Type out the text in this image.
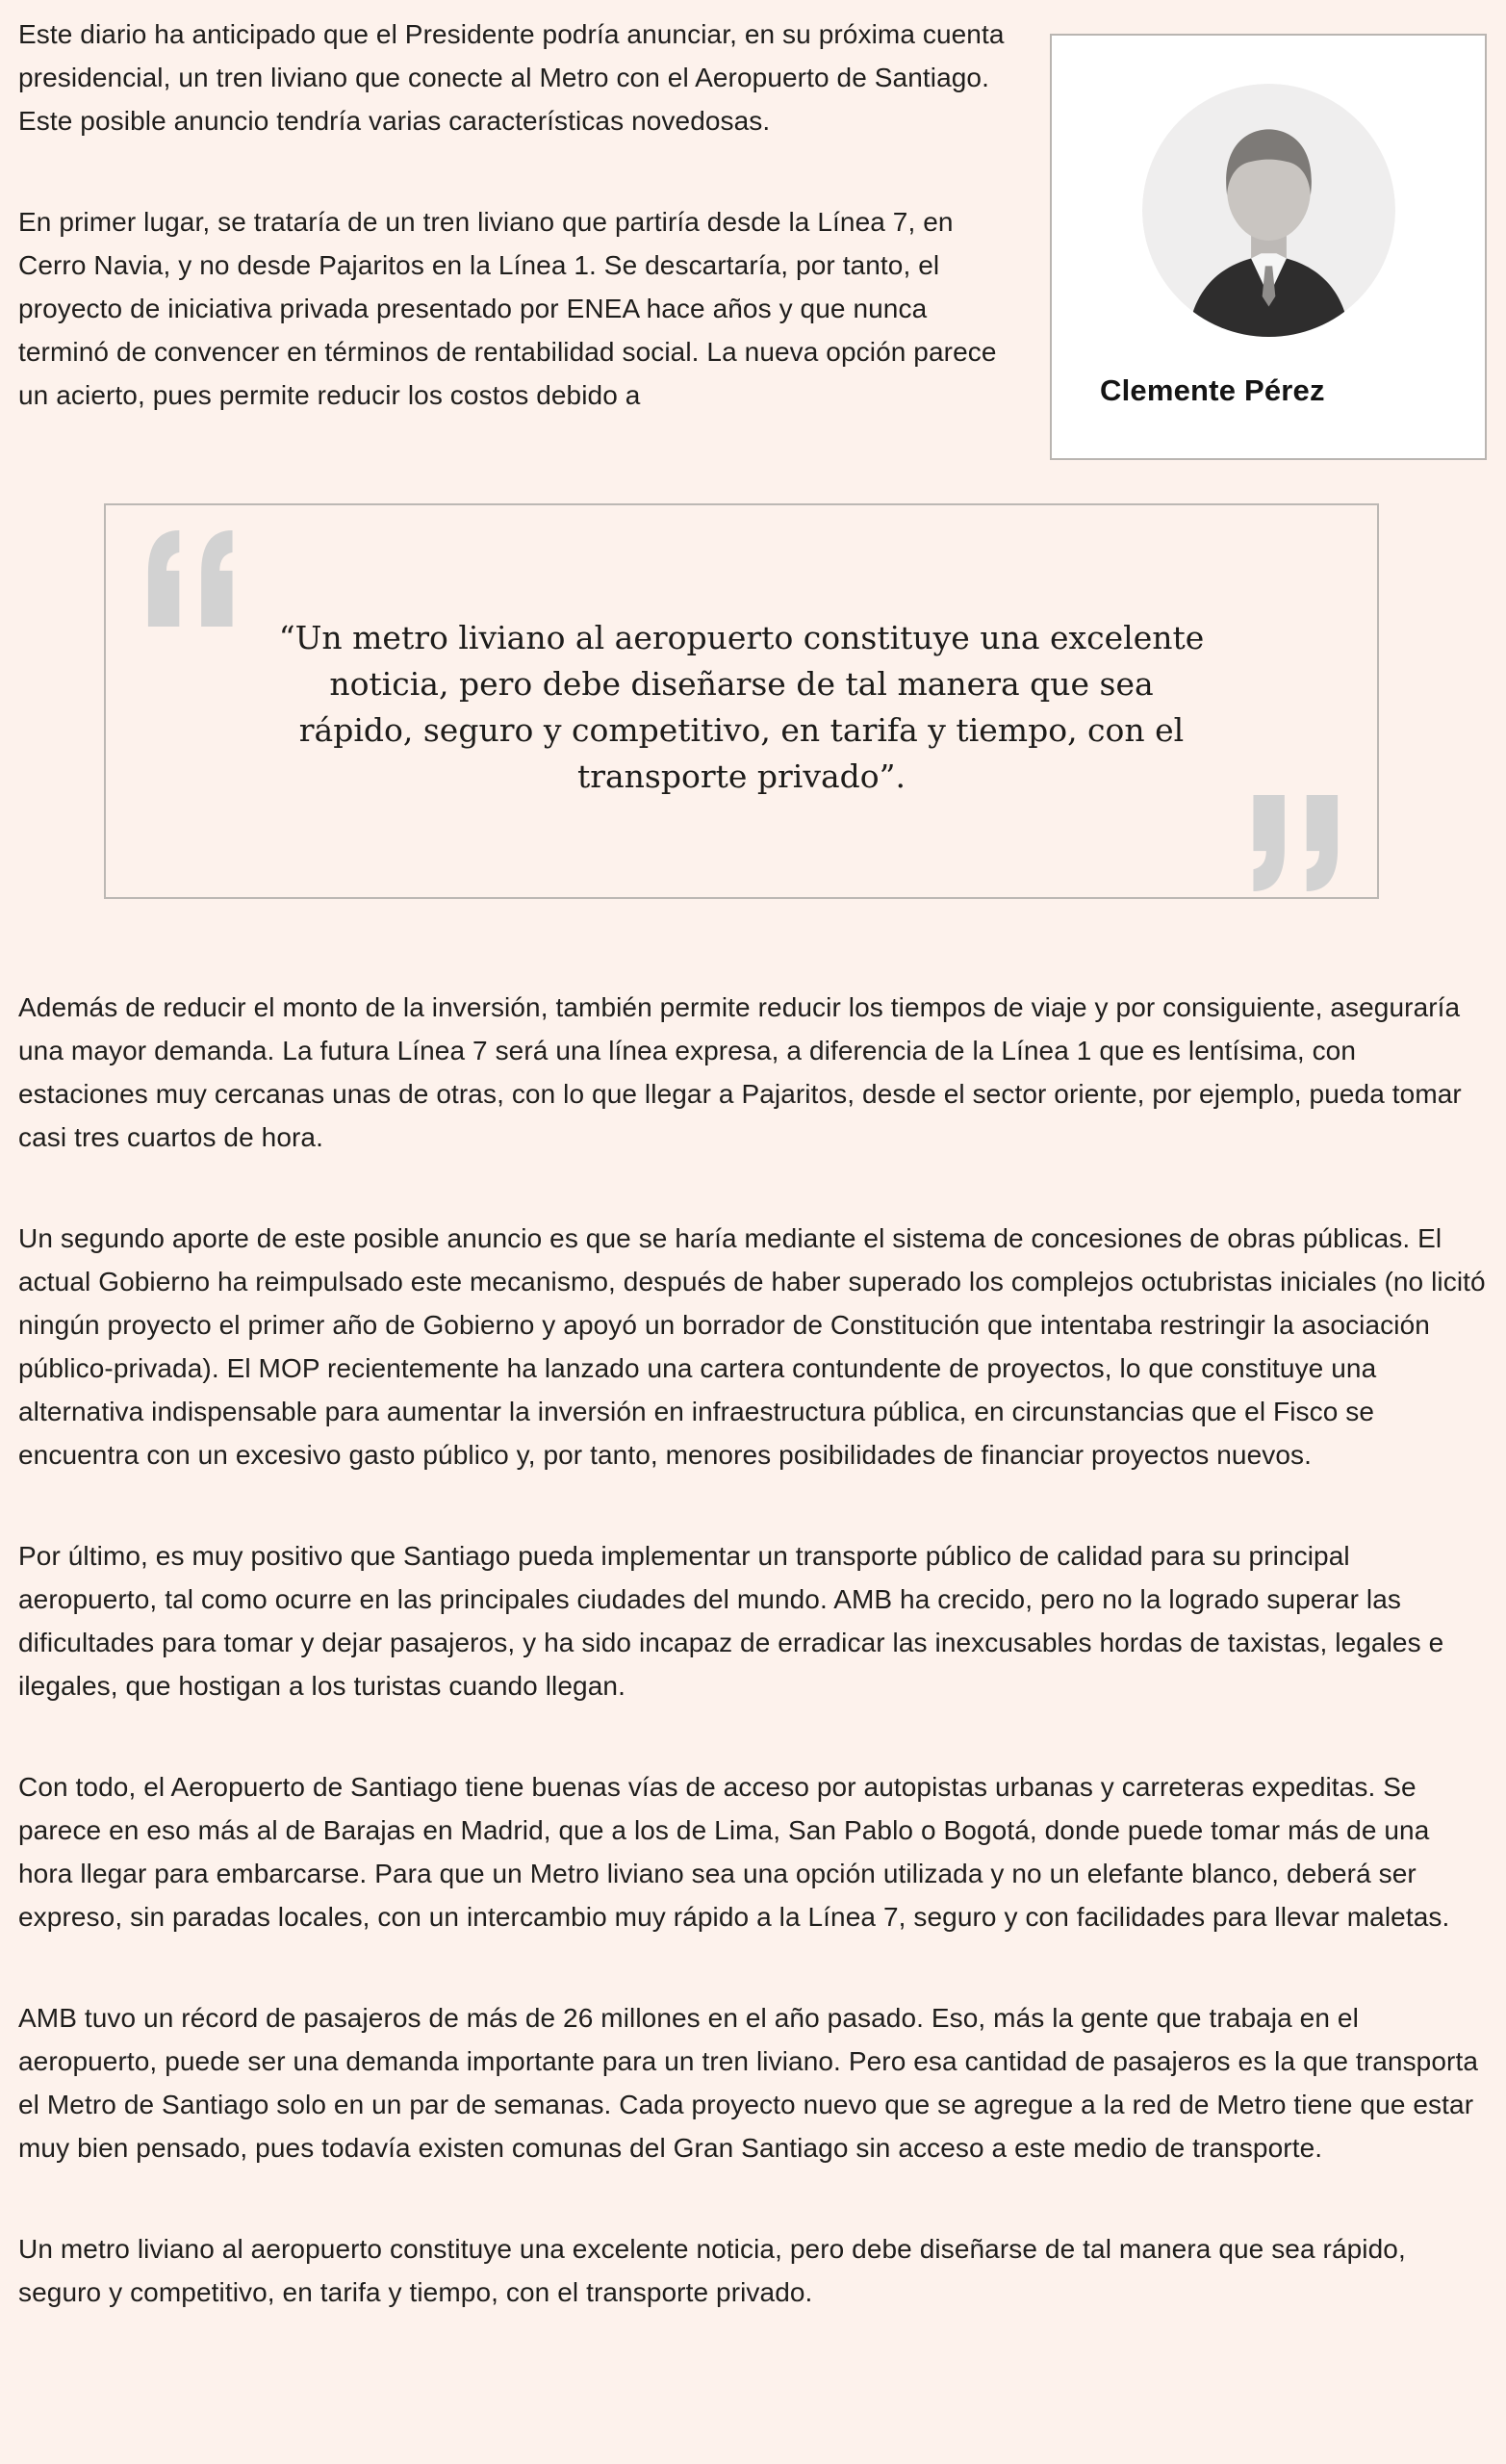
Este diario ha anticipado que el Presidente podría anunciar, en su próxima cuenta presidencial, un tren liviano que conecte al Metro con el Aeropuerto de Santiago. Este posible anuncio tendría varias características novedosas.

En primer lugar, se trataría de un tren liviano que partiría desde la Línea 7, en Cerro Navia, y no desde Pajaritos en la Línea 1. Se descartaría, por tanto, el proyecto de iniciativa privada presentado por ENEA hace años y que nunca terminó de convencer en términos de rentabilidad social. La nueva opción parece un acierto, pues permite reducir los costos debido a	Clemente Pérez

“Un metro liviano al aeropuerto constituye una excelente noticia, pero debe diseñarse de tal manera que sea rápido, seguro y competitivo, en tarifa y tiempo, con el transporte privado”.

Además de reducir el monto de la inversión, también permite reducir los tiempos de viaje y por consiguiente, aseguraría una mayor demanda. La futura Línea 7 será una línea expresa, a diferencia de la Línea 1 que es lentísima, con estaciones muy cercanas unas de otras, con lo que llegar a Pajaritos, desde el sector oriente, por ejemplo, pueda tomar casi tres cuartos de hora.

Un segundo aporte de este posible anuncio es que se haría mediante el sistema de concesiones de obras públicas. El actual Gobierno ha reimpulsado este mecanismo, después de haber superado los complejos octubristas iniciales (no licitó ningún proyecto el primer año de Gobierno y apoyó un borrador de Constitución que intentaba restringir la asociación público-privada). El MOP recientemente ha lanzado una cartera contundente de proyectos, lo que constituye una alternativa indispensable para aumentar la inversión en infraestructura pública, en circunstancias que el Fisco se encuentra con un excesivo gasto público y, por tanto, menores posibilidades de financiar proyectos nuevos.

Por último, es muy positivo que Santiago pueda implementar un transporte público de calidad para su principal aeropuerto, tal como ocurre en las principales ciudades del mundo. AMB ha crecido, pero no la logrado superar las dificultades para tomar y dejar pasajeros, y ha sido incapaz de erradicar las inexcusables hordas de taxistas, legales e ilegales, que hostigan a los turistas cuando llegan.

Con todo, el Aeropuerto de Santiago tiene buenas vías de acceso por autopistas urbanas y carreteras expeditas. Se parece en eso más al de Barajas en Madrid, que a los de Lima, San Pablo o Bogotá, donde puede tomar más de una hora llegar para embarcarse. Para que un Metro liviano sea una opción utilizada y no un elefante blanco, deberá ser expreso, sin paradas locales, con un intercambio muy rápido a la Línea 7, seguro y con facilidades para llevar maletas.

AMB tuvo un récord de pasajeros de más de 26 millones en el año pasado. Eso, más la gente que trabaja en el aeropuerto, puede ser una demanda importante para un tren liviano. Pero esa cantidad de pasajeros es la que transporta el Metro de Santiago solo en un par de semanas. Cada proyecto nuevo que se agregue a la red de Metro tiene que estar muy bien pensado, pues todavía existen comunas del Gran Santiago sin acceso a este medio de transporte.

Un metro liviano al aeropuerto constituye una excelente noticia, pero debe diseñarse de tal manera que sea rápido, seguro y competitivo, en tarifa y tiempo, con el transporte privado.
